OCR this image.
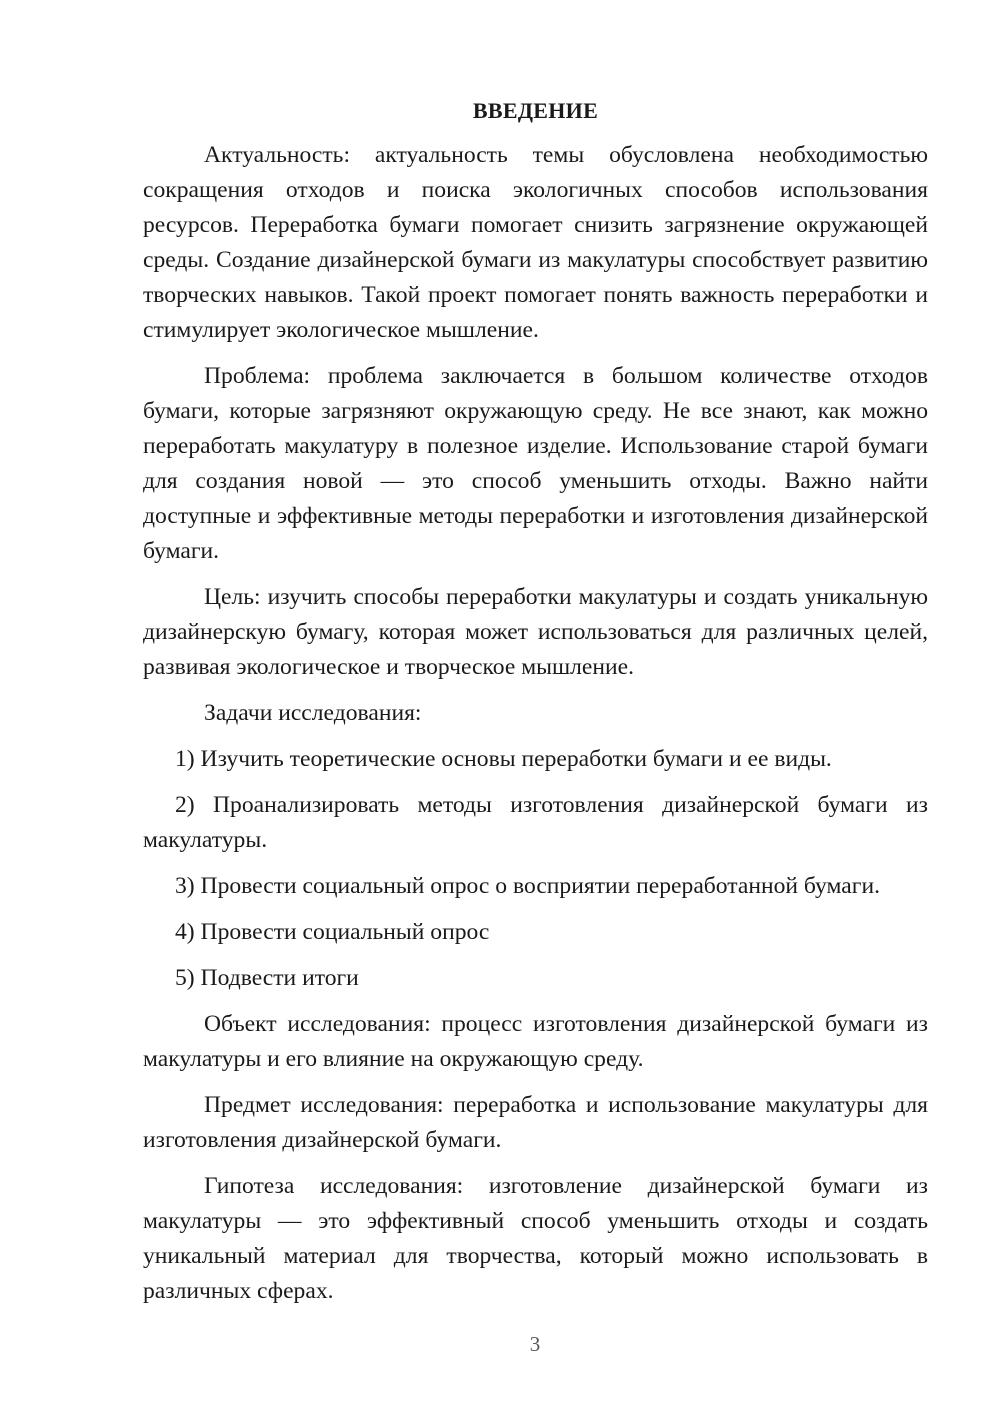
ВВЕДЕНИЕ

Актуальность: актуальность темы обусловлена необходимостью сокращения отходов и поиска экологичных способов использования ресурсов. Переработка бумаги помогает снизить загрязнение окружающей среды. Создание дизайнерской бумаги из макулатуры способствует развитию творческих навыков. Такой проект помогает понять важность переработки и стимулирует экологическое мышление.

Проблема: проблема заключается в большом количестве отходов бумаги, которые загрязняют окружающую среду. Не все знают, как можно переработать макулатуру в полезное изделие. Использование старой бумаги для создания новой — это способ уменьшить отходы. Важно найти доступные и эффективные методы переработки и изготовления дизайнерской бумаги.

Цель: изучить способы переработки макулатуры и создать уникальную дизайнерскую бумагу, которая может использоваться для различных целей, развивая экологическое и творческое мышление.

Задачи исследования:

1) Изучить теоретические основы переработки бумаги и ее виды.

2) Проанализировать методы изготовления дизайнерской бумаги из макулатуры.

3) Провести социальный опрос о восприятии переработанной бумаги.

4) Провести социальный опрос

5) Подвести итоги

Объект исследования: процесс изготовления дизайнерской бумаги из макулатуры и его влияние на окружающую среду.

Предмет исследования: переработка и использование макулатуры для изготовления дизайнерской бумаги.

Гипотеза исследования: изготовление дизайнерской бумаги из макулатуры — это эффективный способ уменьшить отходы и создать уникальный материал для творчества, который можно использовать в различных сферах.

3
